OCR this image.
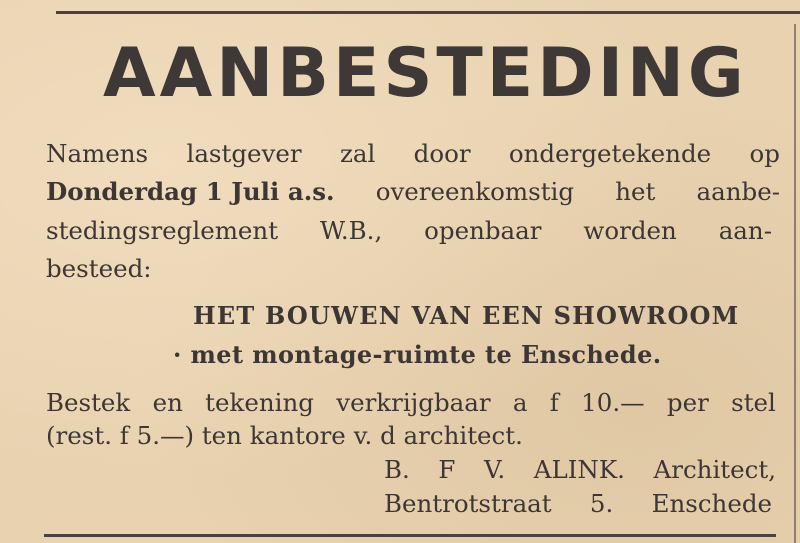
AANBESTEDING
Namens lastgever zal door ondergetekende op
Donderdag 1 Juli a.s. overeenkomstig het aanbe-
stedingsreglement W.B., openbaar worden aan-
besteed:
HET BOUWEN VAN EEN SHOWROOM
· met montage-ruimte te Enschede.
Bestek en tekening verkrijgbaar a f 10.— per stel
(rest. f 5.—) ten kantore v. d architect.
B. F V. ALINK. Architect,
Bentrotstraat 5. Enschede
